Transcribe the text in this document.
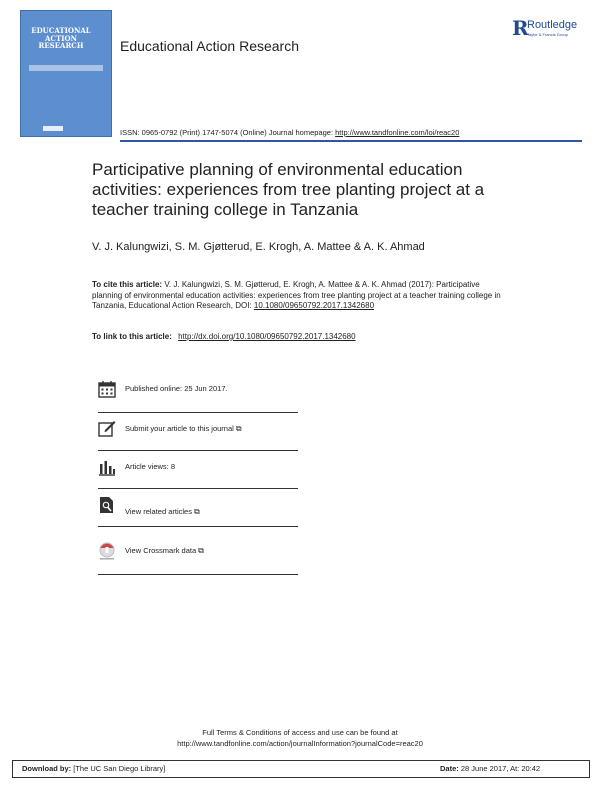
EDUCATIONAL
ACTION
RESEARCH	Educational Action Research
R
Routledge
Taylor & Francis Group
ISSN: 0965-0792 (Print) 1747-5074 (Online) Journal homepage: http://www.tandfonline.com/loi/reac20
Participative planning of environmental education activities: experiences from tree planting project at a teacher training college in Tanzania
V. J. Kalungwizi, S. M. Gjøtterud, E. Krogh, A. Mattee & A. K. Ahmad
To cite this article: V. J. Kalungwizi, S. M. Gjøtterud, E. Krogh, A. Mattee & A. K. Ahmad (2017): Participative planning of environmental education activities: experiences from tree planting project at a teacher training college in Tanzania, Educational Action Research, DOI: 10.1080/09650792.2017.1342680
To link to this article: http://dx.doi.org/10.1080/09650792.2017.1342680
Published online: 25 Jun 2017.
Submit your article to this journal ⧉
Article views: 8
View related articles ⧉
View Crossmark data ⧉
Full Terms & Conditions of access and use can be found at
http://www.tandfonline.com/action/journalInformation?journalCode=reac20
Download by: [The UC San Diego Library]	Date: 28 June 2017, At: 20:42
